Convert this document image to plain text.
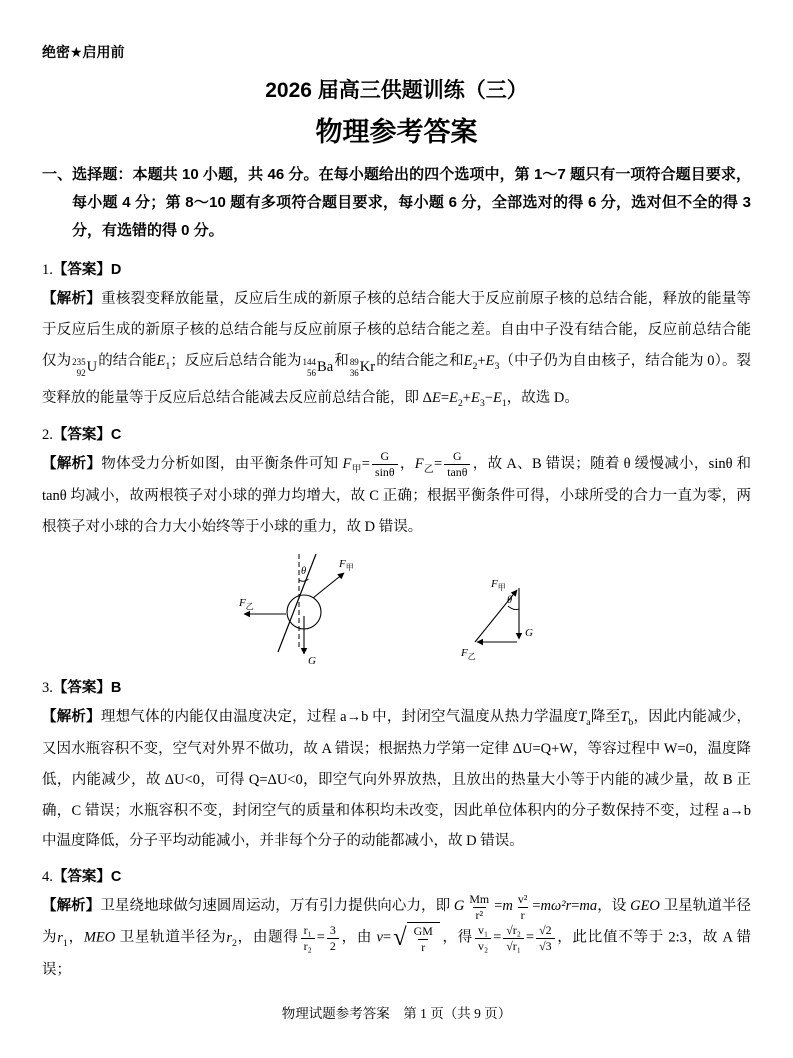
绝密★启用前
2026 届高三供题训练（三）
物理参考答案

一、选择题：本题共 10 小题，共 46 分。在每小题给出的四个选项中，第 1～7 题只有一项符合题目要求，每小题 4 分；第 8～10 题有多项符合题目要求，每小题 6 分，全部选对的得 6 分，选对但不全的得 3 分，有选错的得 0 分。

1.【答案】D
【解析】重核裂变释放能量，反应后生成的新原子核的总结合能大于反应前原子核的总结合能，释放的能量等于反应后生成的新原子核的总结合能与反应前原子核的总结合能之差。自由中子没有结合能，反应前总结合能仅为 235
92 U 的结合能$E_1$；反应后总结合能为 144
56 Ba 和 89
36 Kr 的结合能之和$E_2+E_3$（中子仍为自由核子，结合能为 0）。裂变释放的能量等于反应后总结合能减去反应前总结合能，即 $\Delta E=E_2+E_3-E_1$，故选 D。
2.【答案】C
【解析】物体受力分析如图，由平衡条件可知 $F_甲= \frac{G}{\sin\theta}$ ，$F_乙= \frac{G}{\tan\theta}$ ，故 A、B 错误；随着 θ 缓慢减小，sinθ 和 tanθ 均减小，故两根筷子对小球的弹力均增大，故 C 正确；根据平衡条件可得，小球所受的合力一直为零，两根筷子对小球的合力大小始终等于小球的重力，故 D 错误。
θ
$F_甲$
$F_乙$
G
$F_甲$
θ
G
$F_乙$
3.【答案】B
【解析】理想气体的内能仅由温度决定，过程 a→b 中，封闭空气温度从热力学温度$T_a$降至$T_b$，因此内能减少，又因水瓶容积不变，空气对外界不做功，故 A 错误；根据热力学第一定律 ΔU=Q+W，等容过程中 W=0，温度降低，内能减少，故 ΔU<0，可得 Q=ΔU<0，即空气向外界放热，且放出的热量大小等于内能的减少量，故 B 正确，C 错误；水瓶容积不变，封闭空气的质量和体积均未改变，因此单位体积内的分子数保持不变，过程 a→b 中温度降低，分子平均动能减小，并非每个分子的动能都减小，故 D 错误。
4.【答案】C
【解析】卫星绕地球做匀速圆周运动，万有引力提供向心力，即 G $\frac{Mm}{\text{r²}} =m \frac{\text{v²}}{r} =m\omega^2r=ma$，设 GEO 卫星轨道半径为$r_1$，MEO 卫星轨道半径为$r_2$，由题得 $\frac{\text{r₁}}{\text{r₂}} = \frac{3}{2}$ ，由 v= √ $\frac{GM}{r}$ ，得 $\frac{\text{v₁}}{\text{v₂}} = \frac{\text{√r₂}}{\text{√r₁}} = \frac{√2}{√3}$ ，此比值不等于 2:3，故 A 错误；
物理试题参考答案　第 1 页（共 9 页）
